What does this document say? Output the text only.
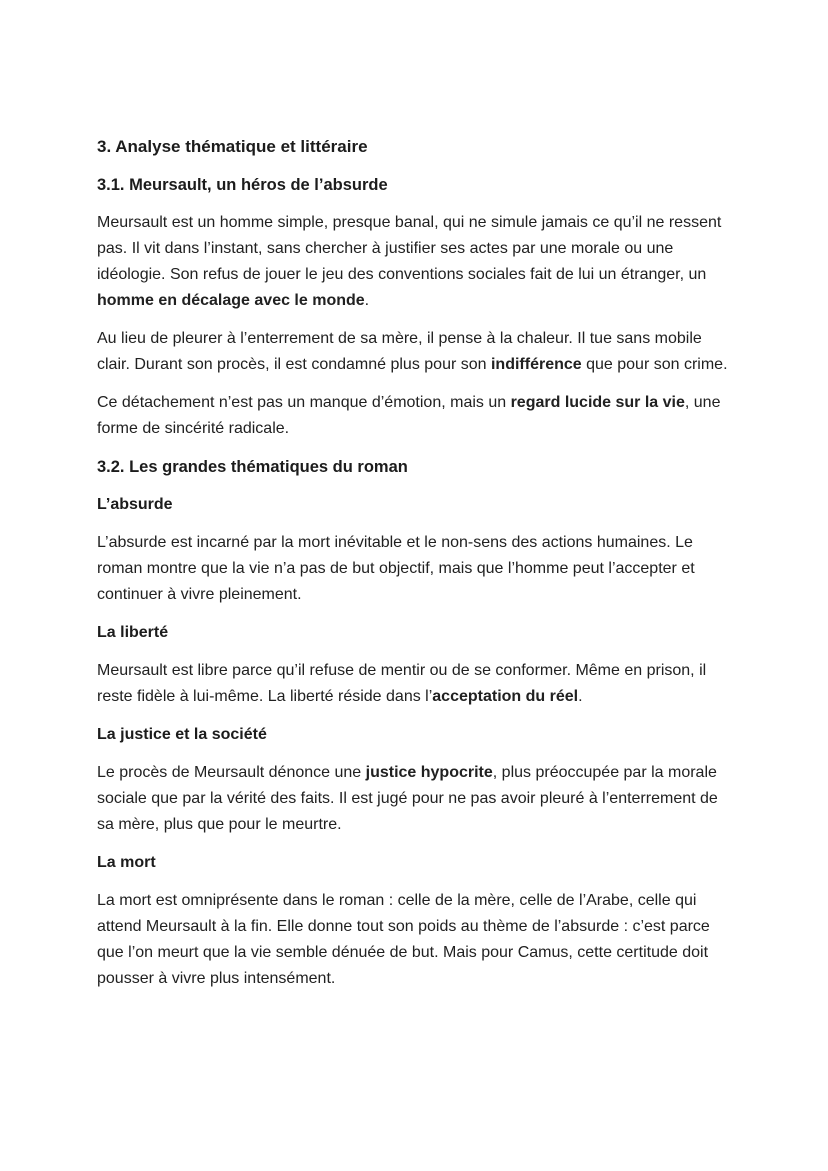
3. Analyse thématique et littéraire
3.1. Meursault, un héros de l’absurde

Meursault est un homme simple, presque banal, qui ne simule jamais ce qu’il ne ressent pas. Il vit dans l’instant, sans chercher à justifier ses actes par une morale ou une idéologie. Son refus de jouer le jeu des conventions sociales fait de lui un étranger, un homme en décalage avec le monde.

Au lieu de pleurer à l’enterrement de sa mère, il pense à la chaleur. Il tue sans mobile clair. Durant son procès, il est condamné plus pour son indifférence que pour son crime.

Ce détachement n’est pas un manque d’émotion, mais un regard lucide sur la vie, une forme de sincérité radicale.

3.2. Les grandes thématiques du roman
L’absurde

L’absurde est incarné par la mort inévitable et le non-sens des actions humaines. Le roman montre que la vie n’a pas de but objectif, mais que l’homme peut l’accepter et continuer à vivre pleinement.

La liberté

Meursault est libre parce qu’il refuse de mentir ou de se conformer. Même en prison, il reste fidèle à lui-même. La liberté réside dans l’acceptation du réel.

La justice et la société

Le procès de Meursault dénonce une justice hypocrite, plus préoccupée par la morale sociale que par la vérité des faits. Il est jugé pour ne pas avoir pleuré à l’enterrement de sa mère, plus que pour le meurtre.

La mort

La mort est omniprésente dans le roman : celle de la mère, celle de l’Arabe, celle qui attend Meursault à la fin. Elle donne tout son poids au thème de l’absurde : c’est parce que l’on meurt que la vie semble dénuée de but. Mais pour Camus, cette certitude doit pousser à vivre plus intensément.
